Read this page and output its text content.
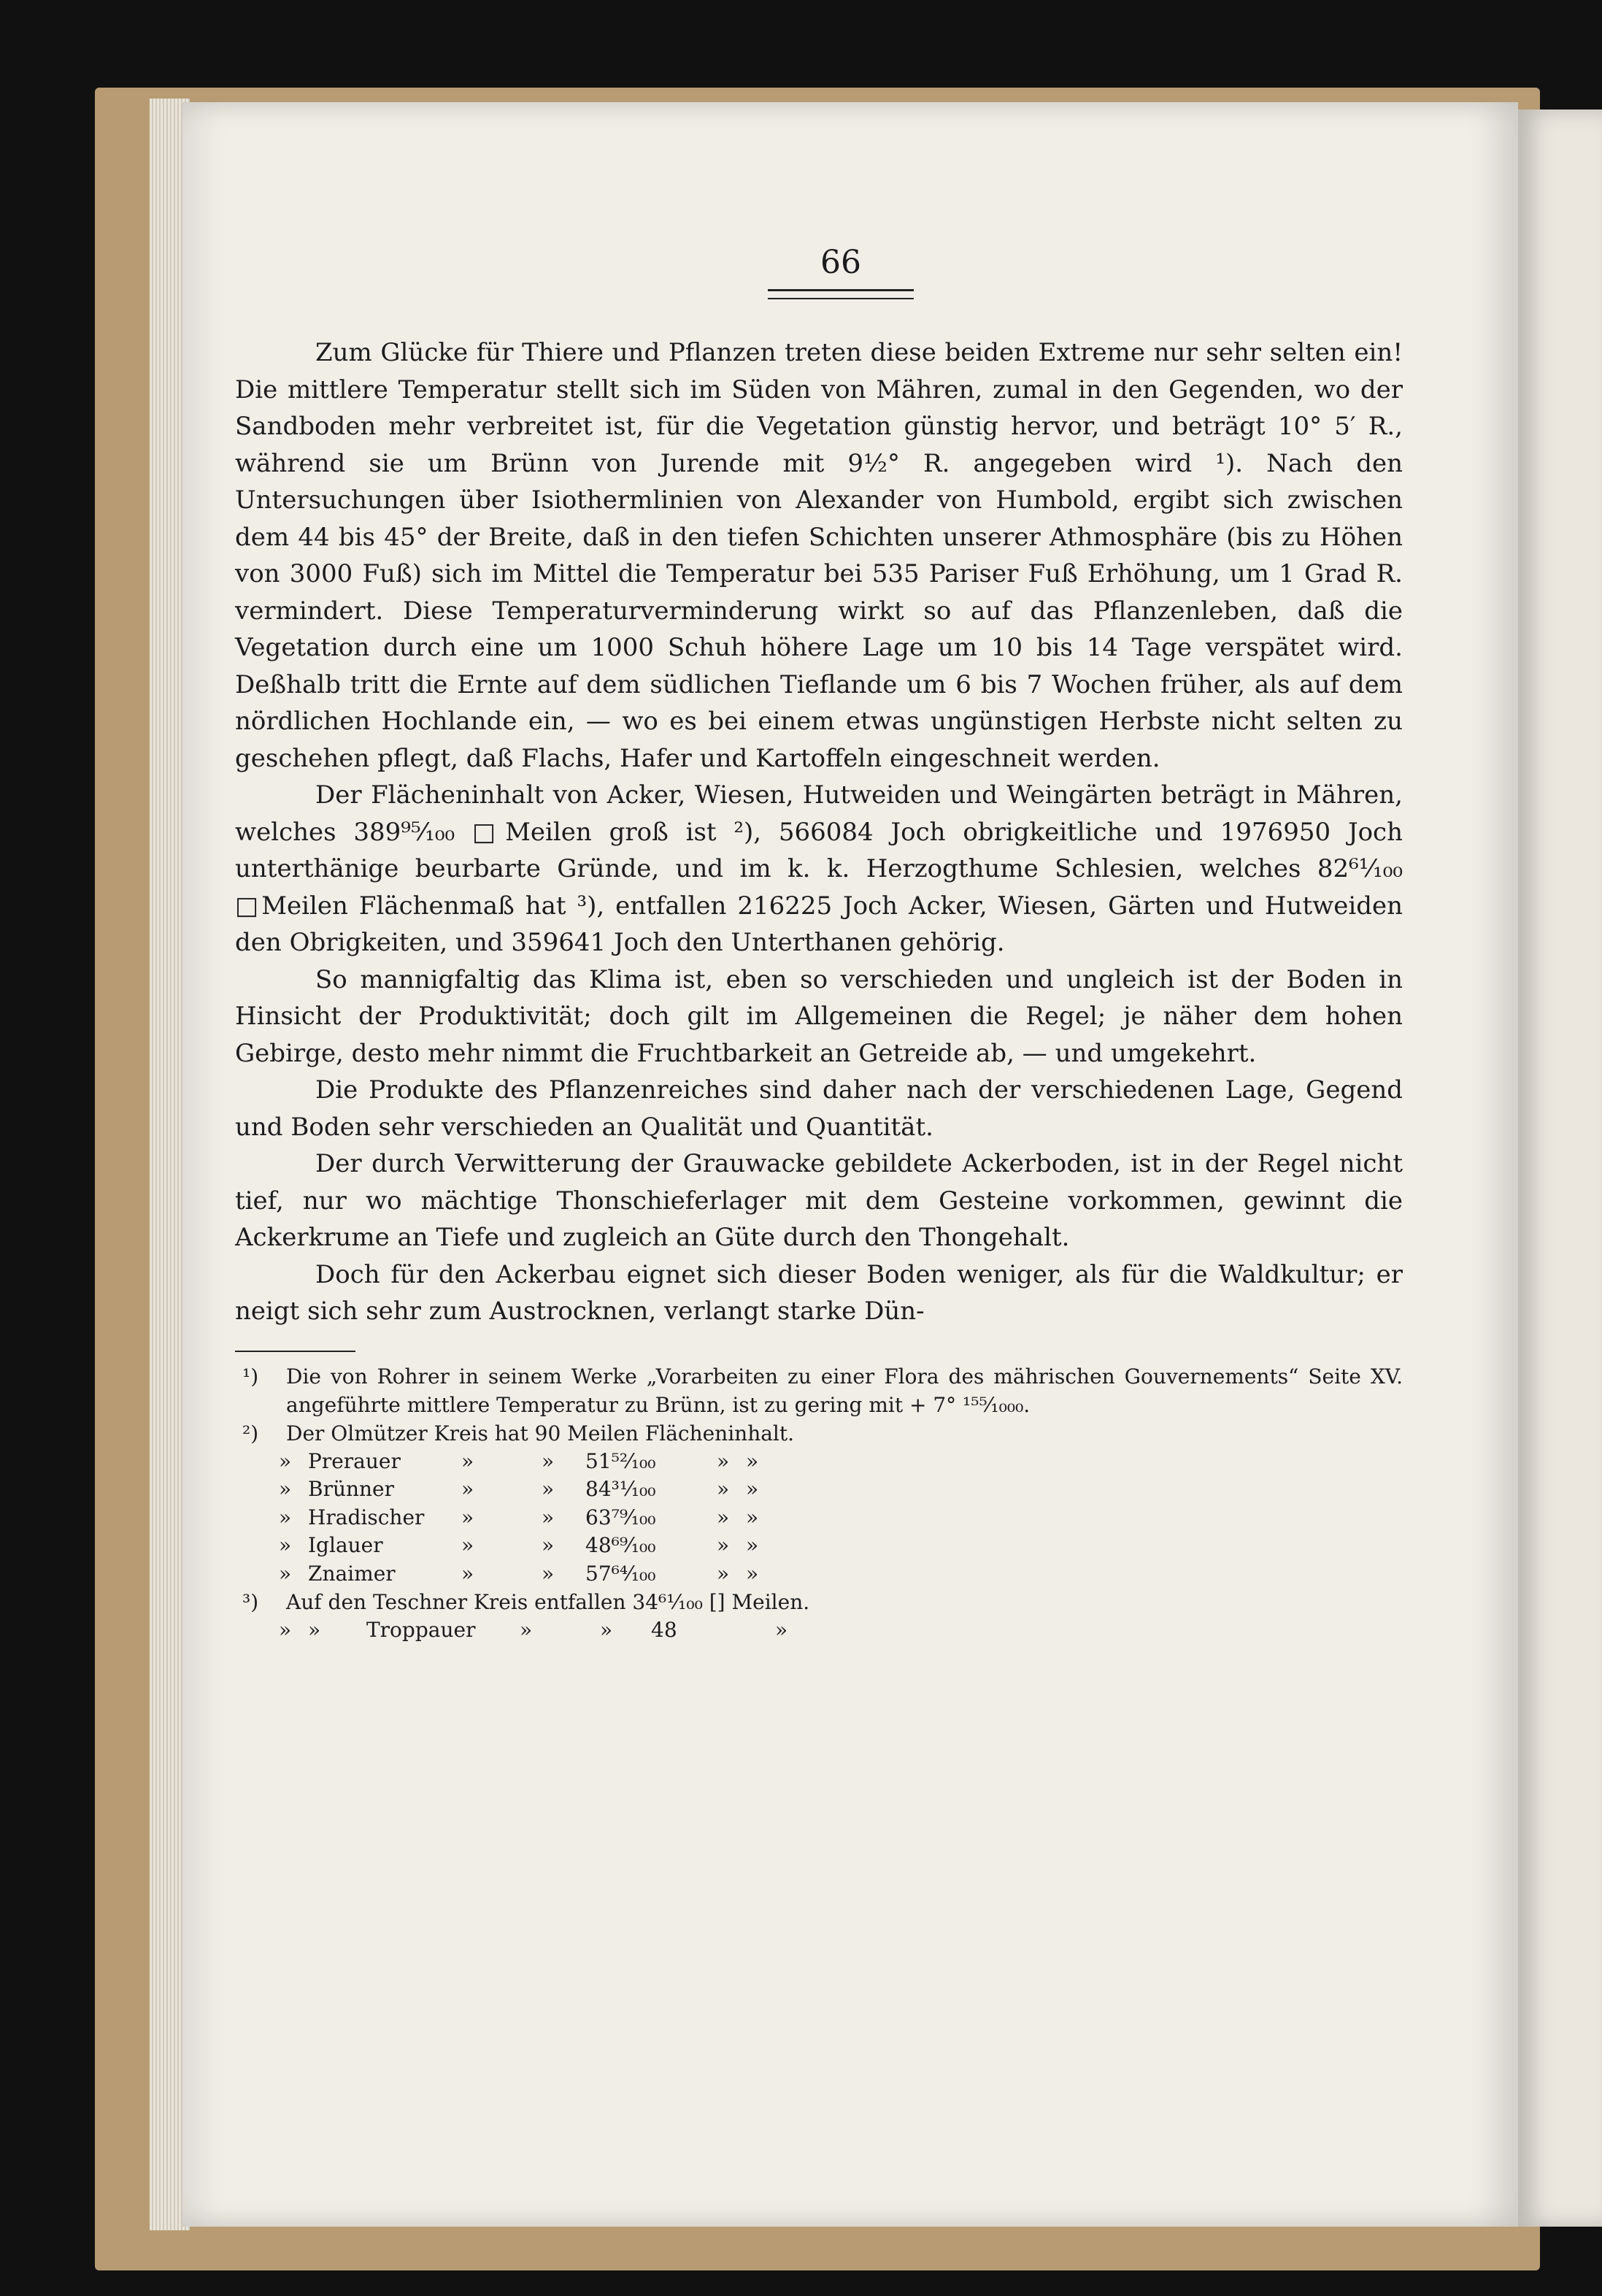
66

Zum Glücke für Thiere und Pflanzen treten diese beiden Extreme nur sehr selten ein! Die mittlere Temperatur stellt sich im Süden von Mähren, zumal in den Gegenden, wo der Sandboden mehr verbreitet ist, für die Vegetation günstig hervor, und beträgt 10° 5′ R., während sie um Brünn von Jurende mit 9½° R. angegeben wird ¹). Nach den Untersuchungen über Isiothermlinien von Alexander von Humbold, ergibt sich zwischen dem 44 bis 45° der Breite, daß in den tiefen Schichten unserer Athmosphäre (bis zu Höhen von 3000 Fuß) sich im Mittel die Temperatur bei 535 Pariser Fuß Erhöhung, um 1 Grad R. vermindert. Diese Temperaturverminderung wirkt so auf das Pflanzenleben, daß die Vegetation durch eine um 1000 Schuh höhere Lage um 10 bis 14 Tage verspätet wird. Deßhalb tritt die Ernte auf dem südlichen Tieflande um 6 bis 7 Wochen früher, als auf dem nördlichen Hochlande ein, — wo es bei einem etwas ungünstigen Herbste nicht selten zu geschehen pflegt, daß Flachs, Hafer und Kartoffeln eingeschneit werden.

Der Flächeninhalt von Acker, Wiesen, Hutweiden und Weingärten beträgt in Mähren, welches 389⁹⁵⁄₁₀₀ □Meilen groß ist ²), 566084 Joch obrigkeitliche und 1976950 Joch unterthänige beurbarte Gründe, und im k. k. Herzogthume Schlesien, welches 82⁶¹⁄₁₀₀ □Meilen Flächenmaß hat ³), entfallen 216225 Joch Acker, Wiesen, Gärten und Hutweiden den Obrigkeiten, und 359641 Joch den Unterthanen gehörig.

So mannigfaltig das Klima ist, eben so verschieden und ungleich ist der Boden in Hinsicht der Produktivität; doch gilt im Allgemeinen die Regel; je näher dem hohen Gebirge, desto mehr nimmt die Fruchtbarkeit an Getreide ab, — und umgekehrt.

Die Produkte des Pflanzenreiches sind daher nach der verschiedenen Lage, Gegend und Boden sehr verschieden an Qualität und Quantität.

Der durch Verwitterung der Grauwacke gebildete Ackerboden, ist in der Regel nicht tief, nur wo mächtige Thonschieferlager mit dem Gesteine vorkommen, gewinnt die Ackerkrume an Tiefe und zugleich an Güte durch den Thongehalt.

Doch für den Ackerbau eignet sich dieser Boden weniger, als für die Waldkultur; er neigt sich sehr zum Austrocknen, verlangt starke Dün-

¹) Die von Rohrer in seinem Werke „Vorarbeiten zu einer Flora des mährischen Gouvernements“ Seite XV. angeführte mittlere Temperatur zu Brünn, ist zu gering mit + 7° ¹⁵⁵⁄₁₀₀₀.

²) Der Olmützer Kreis hat 90 Meilen Flächeninhalt.

» Prerauer	»	»	51⁵²⁄₁₀₀	» »
» Brünner	»	»	84³¹⁄₁₀₀	» »
» Hradischer	»	»	63⁷⁹⁄₁₀₀	» »
» Iglauer	»	»	48⁶⁹⁄₁₀₀	» »
» Znaimer	»	»	57⁶⁴⁄₁₀₀	» »

³) Auf den Teschner Kreis entfallen 34⁶¹⁄₁₀₀ [] Meilen.

» »	Troppauer	»	»	48	»
